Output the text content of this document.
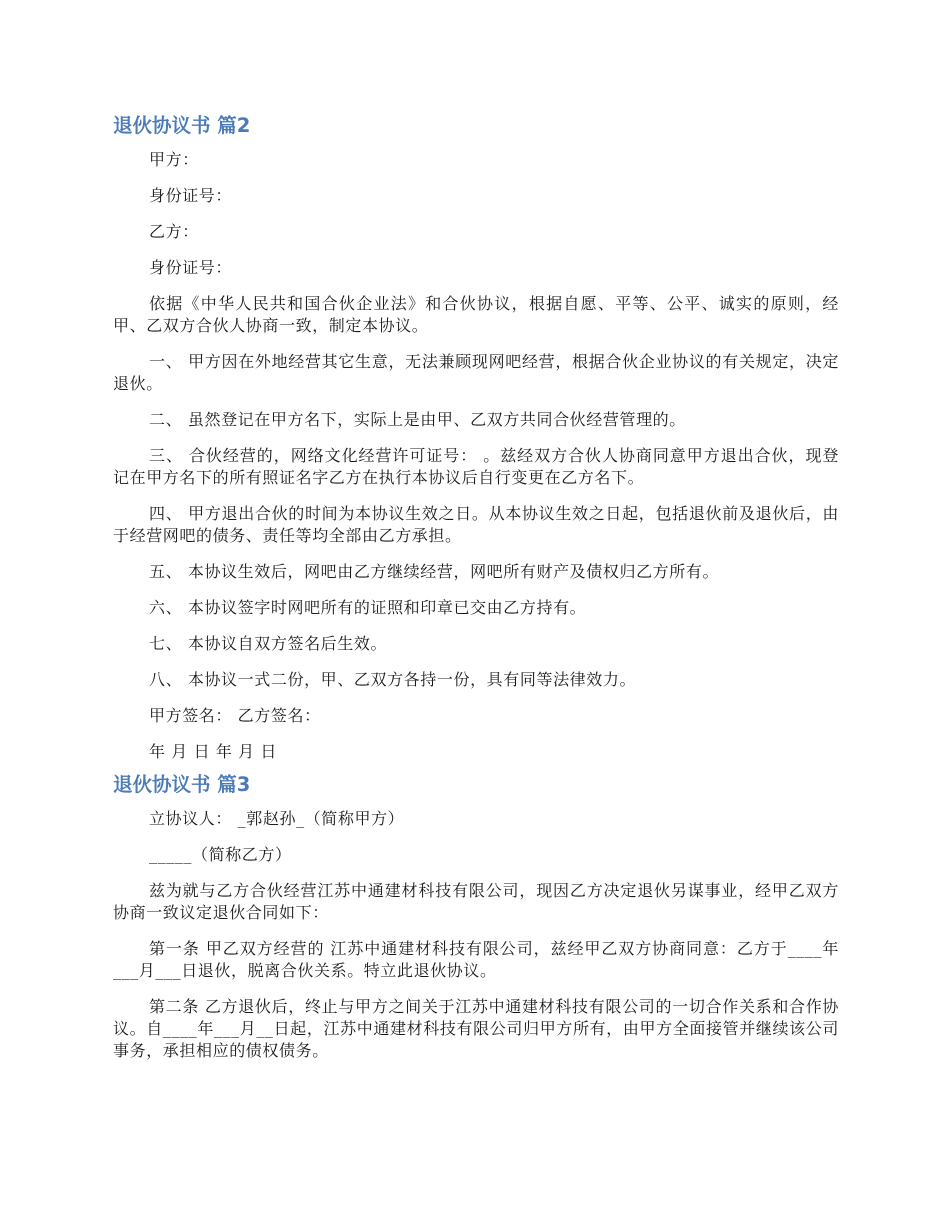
退伙协议书 篇2

甲方：

身份证号：

乙方：

身份证号：

依据《中华人民共和国合伙企业法》和合伙协议，根据自愿、平等、公平、诚实的原则，经甲、乙双方合伙人协商一致，制定本协议。

一、 甲方因在外地经营其它生意，无法兼顾现网吧经营，根据合伙企业协议的有关规定，决定退伙。

二、 虽然登记在甲方名下，实际上是由甲、乙双方共同合伙经营管理的。

三、 合伙经营的，网络文化经营许可证号： 。兹经双方合伙人协商同意甲方退出合伙，现登记在甲方名下的所有照证名字乙方在执行本协议后自行变更在乙方名下。

四、 甲方退出合伙的时间为本协议生效之日。从本协议生效之日起，包括退伙前及退伙后，由于经营网吧的债务、责任等均全部由乙方承担。

五、 本协议生效后，网吧由乙方继续经营，网吧所有财产及债权归乙方所有。

六、 本协议签字时网吧所有的证照和印章已交由乙方持有。

七、 本协议自双方签名后生效。

八、 本协议一式二份，甲、乙双方各持一份，具有同等法律效力。

甲方签名： 乙方签名：

年 月 日 年 月 日

退伙协议书 篇3

立协议人： _郭赵孙_（简称甲方）

_____（简称乙方）

兹为就与乙方合伙经营江苏中通建材科技有限公司，现因乙方决定退伙另谋事业，经甲乙双方协商一致议定退伙合同如下：

第一条 甲乙双方经营的 江苏中通建材科技有限公司，兹经甲乙双方协商同意：乙方于____年___月___日退伙，脱离合伙关系。特立此退伙协议。

第二条 乙方退伙后，终止与甲方之间关于江苏中通建材科技有限公司的一切合作关系和合作协议。自____年___月__日起，江苏中通建材科技有限公司归甲方所有，由甲方全面接管并继续该公司事务，承担相应的债权债务。
